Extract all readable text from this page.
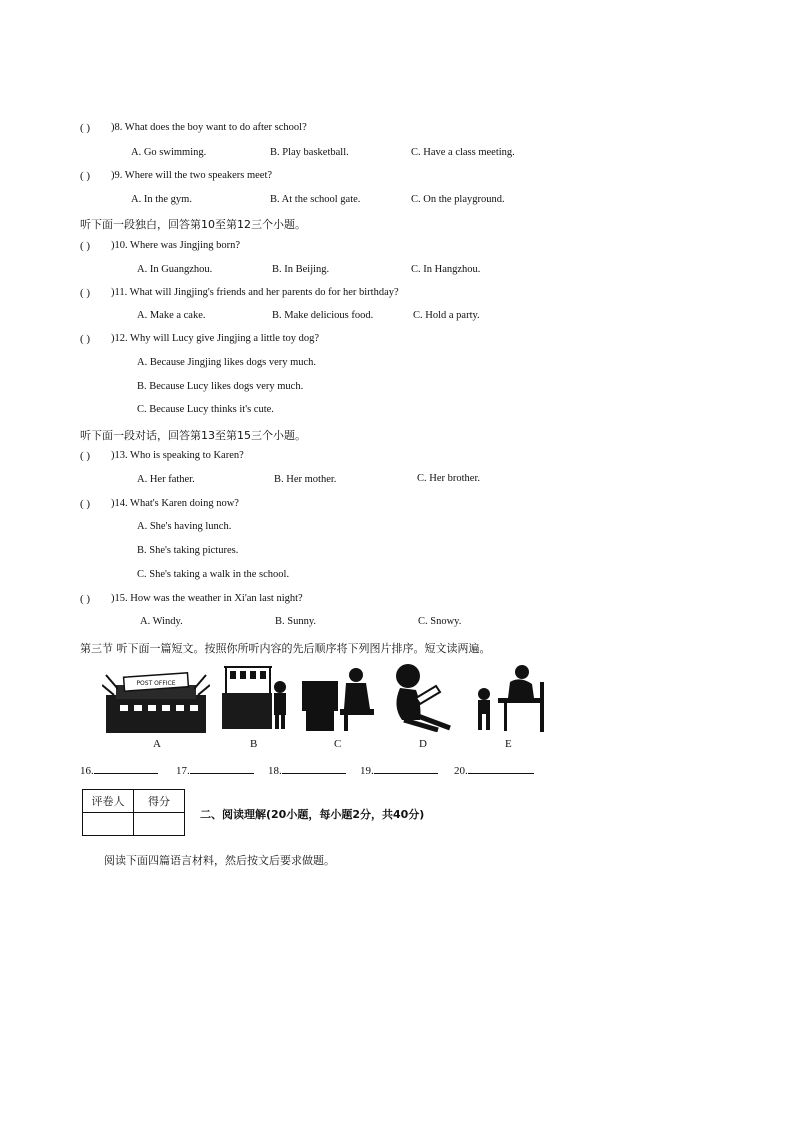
( ) )8. What does the boy want to do after school?
A. Go swimming.	B. Play basketball.	C. Have a class meeting.
( ) )9. Where will the two speakers meet?
A. In the gym.	B. At the school gate.	C. On the playground.
听下面一段独白，回答第10至第12三个小题。
( ) )10. Where was Jingjing born?
A. In Guangzhou.	B. In Beijing.	C. In Hangzhou.
( ) )11. What will Jingjing's friends and her parents do for her birthday?
A. Make a cake.	B. Make delicious food.	C. Hold a party.
( ) )12. Why will Lucy give Jingjing a little toy dog?
A. Because Jingjing likes dogs very much.
B. Because Lucy likes dogs very much.
C. Because Lucy thinks it's cute.
听下面一段对话，回答第13至第15三个小题。
( ) )13. Who is speaking to Karen?
A. Her father.	B. Her mother.	C. Her brother.
( ) )14. What's Karen doing now?
A. She's having lunch.
B. She's taking pictures.
C. She's taking a walk in the school.
( ) )15. How was the weather in Xi'an last night?
A. Windy.	B. Sunny.	C. Snowy.
第三节 听下面一篇短文。按照你所听内容的先后顺序将下列图片排序。短文读两遍。
POST OFFICE
A	B	C	D	E
16.	17.	18.	19.	20.
评卷人	得分

二、阅读理解(20小题，每小题2分，共40分)
阅读下面四篇语言材料，然后按文后要求做题。
